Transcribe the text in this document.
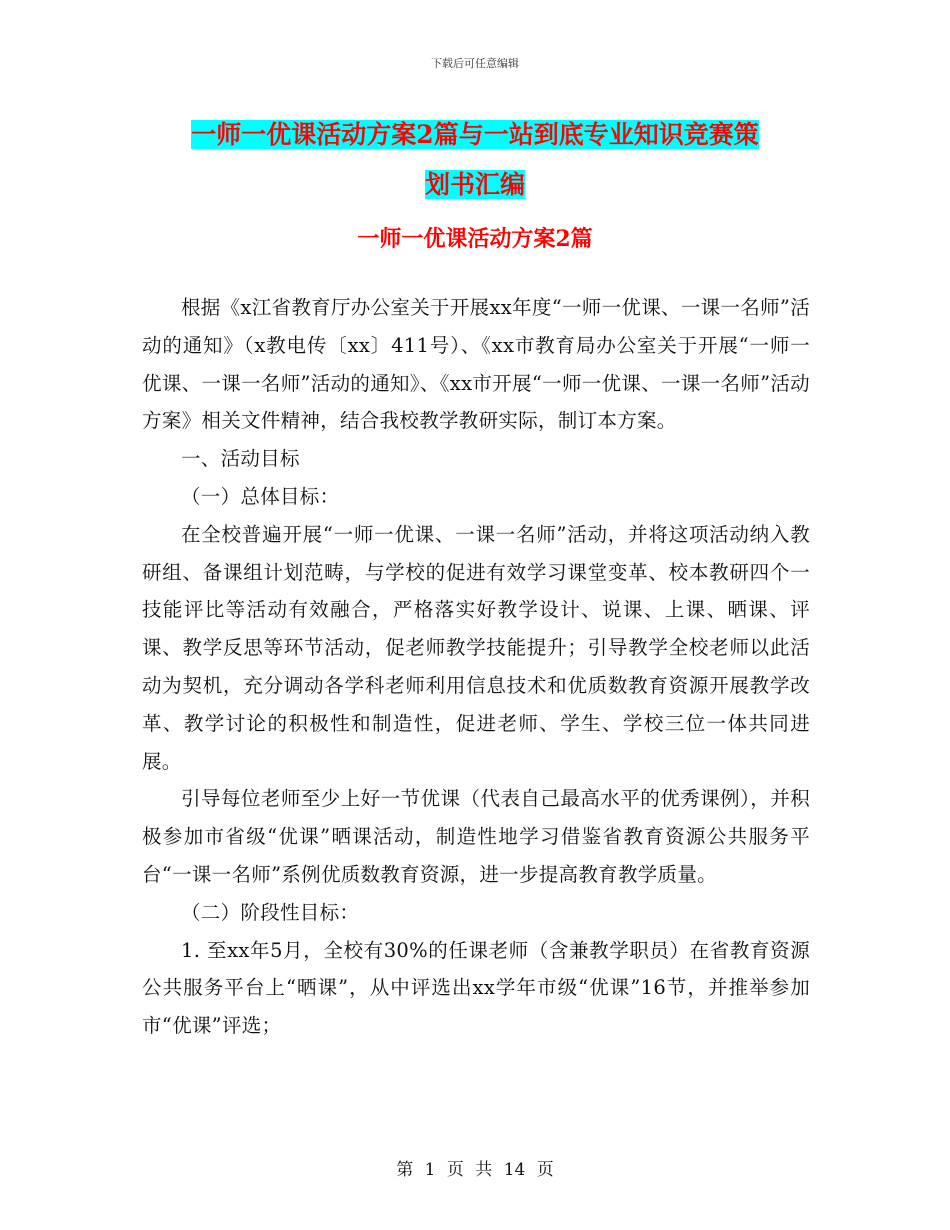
下载后可任意编辑
一师一优课活动方案2篇与一站到底专业知识竞赛策
划书汇编
一师一优课活动方案2篇

根据《x江省教育厅办公室关于开展xx年度“一师一优课、一课一名师”活动的通知》（x教电传〔xx〕411号）、《xx市教育局办公室关于开展“一师一优课、一课一名师”活动的通知》、《xx市开展“一师一优课、一课一名师”活动方案》相关文件精神，结合我校教学教研实际，制订本方案。

一、活动目标

（一）总体目标：

在全校普遍开展“一师一优课、一课一名师”活动，并将这项活动纳入教研组、备课组计划范畴，与学校的促进有效学习课堂变革、校本教研四个一技能评比等活动有效融合，严格落实好教学设计、说课、上课、晒课、评课、教学反思等环节活动，促老师教学技能提升；引导教学全校老师以此活动为契机，充分调动各学科老师利用信息技术和优质数教育资源开展教学改革、教学讨论的积极性和制造性，促进老师、学生、学校三位一体共同进展。

引导每位老师至少上好一节优课（代表自己最高水平的优秀课例），并积极参加市省级“优课”晒课活动，制造性地学习借鉴省教育资源公共服务平台“一课一名师”系例优质数教育资源，进一步提高教育教学质量。

（二）阶段性目标：

1. 至xx年5月，全校有30%的任课老师（含兼教学职员）在省教育资源公共服务平台上“晒课”，从中评选出xx学年市级“优课”16节，并推举参加市“优课”评选；

第 1 页 共 14 页
